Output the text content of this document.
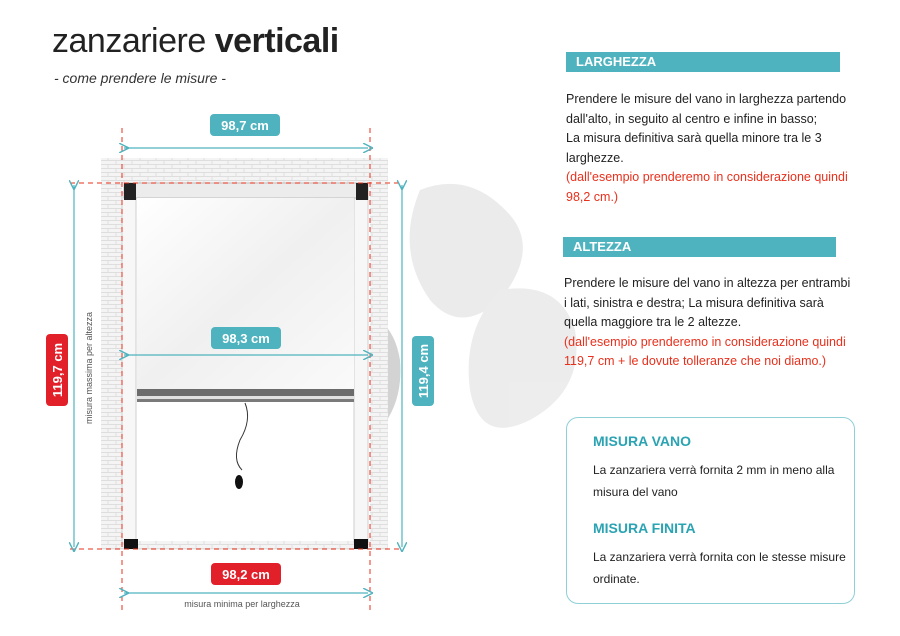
98,7 cm
98,3 cm
98,2 cm
119,7 cm	119,4 cm
misura massima per altezza
misura minima per larghezza
zanzariere verticali
- come prendere le misure -
LARGHEZZA
Prendere le misure del vano in larghezza partendo
dall'alto, in seguito al centro e infine in basso;
La misura definitiva sarà quella minore tra le 3
larghezze.
(dall'esempio prenderemo in considerazione quindi
98,2 cm.)
ALTEZZA
Prendere le misure del vano in altezza per entrambi
i lati, sinistra e destra; La misura definitiva sarà
quella maggiore tra le 2 altezze.
(dall'esempio prenderemo in considerazione quindi
119,7 cm + le dovute tolleranze che noi diamo.)
MISURA VANO
La zanzariera verrà fornita 2 mm in meno alla
misura del vano
MISURA FINITA
La zanzariera verrà fornita con le stesse misure
ordinate.
